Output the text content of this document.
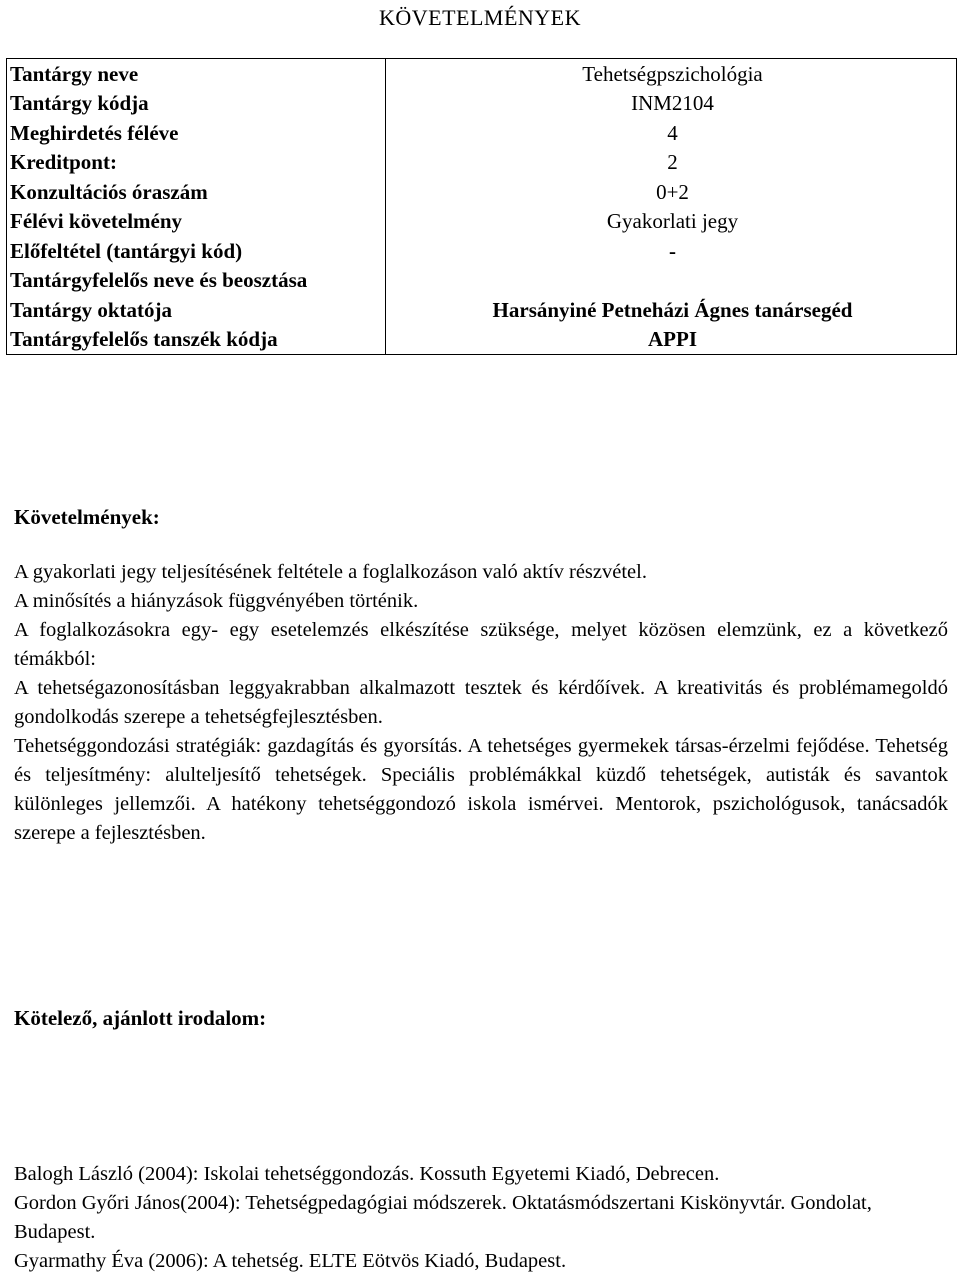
KÖVETELMÉNYEK
Tantárgy neve	Tehetségpszichológia
Tantárgy kódja	INM2104
Meghirdetés féléve	4
Kreditpont:	2
Konzultációs óraszám	0+2
Félévi követelmény	Gyakorlati jegy
Előfeltétel (tantárgyi kód)	-
Tantárgyfelelős neve és beosztása	
Tantárgy oktatója	Harsányiné Petneházi Ágnes tanársegéd
Tantárgyfelelős tanszék kódja	APPI
Követelmények:

A gyakorlati jegy teljesítésének feltétele a foglalkozáson való aktív részvétel.

A minősítés a hiányzások függvényében történik.

A foglalkozásokra egy- egy esetelemzés elkészítése szüksége, melyet közösen elemzünk, ez a következő témákból:

A tehetségazonosításban leggyakrabban alkalmazott tesztek és kérdőívek. A kreativitás és problémamegoldó gondolkodás szerepe a tehetségfejlesztésben.

Tehetséggondozási stratégiák: gazdagítás és gyorsítás. A tehetséges gyermekek társas-érzelmi fejődése. Tehetség és teljesítmény: alulteljesítő tehetségek. Speciális problémákkal küzdő tehetségek, autisták és savantok különleges jellemzői. A hatékony tehetséggondozó iskola ismérvei. Mentorok, pszichológusok, tanácsadók szerepe a fejlesztésben.

Kötelező, ajánlott irodalom:

Balogh László (2004): Iskolai tehetséggondozás. Kossuth Egyetemi Kiadó, Debrecen.

Gordon Győri János(2004): Tehetségpedagógiai módszerek. Oktatásmódszertani Kiskönyvtár. Gondolat, Budapest.

Gyarmathy Éva (2006): A tehetség. ELTE Eötvös Kiadó, Budapest.
